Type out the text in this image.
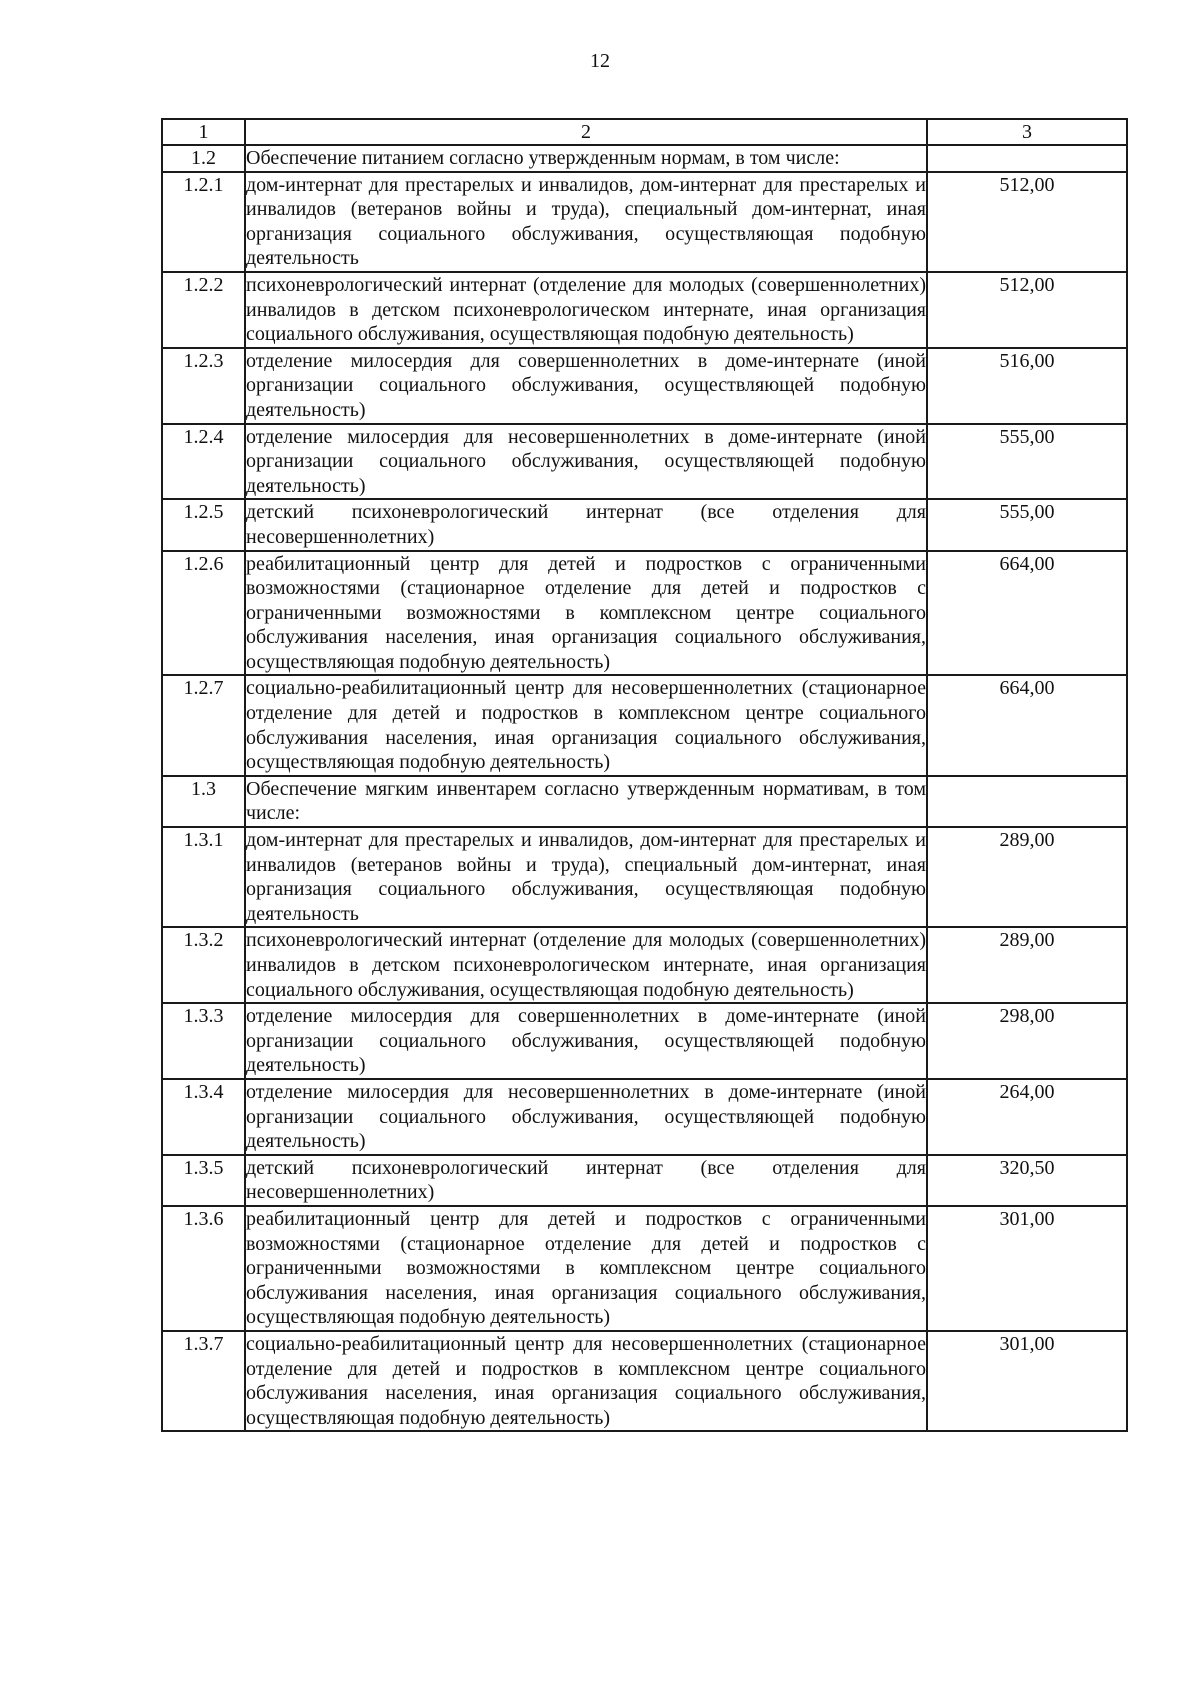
12
1	2	3
1.2	Обеспечение питанием согласно утвержденным нормам, в том числе:	
1.2.1	дом-интернат для престарелых и инвалидов, дом-интернат для престарелых и инвалидов (ветеранов войны и труда), специальный дом-интернат, иная организация социального обслуживания, осуществляющая подобную деятельность	512,00
1.2.2	психоневрологический интернат (отделение для молодых (совершеннолетних) инвалидов в детском психоневрологическом интернате, иная организация социального обслуживания, осуществляющая подобную деятельность)	512,00
1.2.3	отделение милосердия для совершеннолетних в доме-интернате (иной организации социального обслуживания, осуществляющей подобную деятельность)	516,00
1.2.4	отделение милосердия для несовершеннолетних в доме-интернате (иной организации социального обслуживания, осуществляющей подобную деятельность)	555,00
1.2.5	детский психоневрологический интернат (все отделения для несовершеннолетних)	555,00
1.2.6	реабилитационный центр для детей и подростков с ограниченными возможностями (стационарное отделение для детей и подростков с ограниченными возможностями в комплексном центре социального обслуживания населения, иная организация социального обслуживания, осуществляющая подобную деятельность)	664,00
1.2.7	социально-реабилитационный центр для несовершеннолетних (стационарное отделение для детей и подростков в комплексном центре социального обслуживания населения, иная организация социального обслуживания, осуществляющая подобную деятельность)	664,00
1.3	Обеспечение мягким инвентарем согласно утвержденным нормативам, в том числе:	
1.3.1	дом-интернат для престарелых и инвалидов, дом-интернат для престарелых и инвалидов (ветеранов войны и труда), специальный дом-интернат, иная организация социального обслуживания, осуществляющая подобную деятельность	289,00
1.3.2	психоневрологический интернат (отделение для молодых (совершеннолетних) инвалидов в детском психоневрологическом интернате, иная организация социального обслуживания, осуществляющая подобную деятельность)	289,00
1.3.3	отделение милосердия для совершеннолетних в доме-интернате (иной организации социального обслуживания, осуществляющей подобную деятельность)	298,00
1.3.4	отделение милосердия для несовершеннолетних в доме-интернате (иной организации социального обслуживания, осуществляющей подобную деятельность)	264,00
1.3.5	детский психоневрологический интернат (все отделения для несовершеннолетних)	320,50
1.3.6	реабилитационный центр для детей и подростков с ограниченными возможностями (стационарное отделение для детей и подростков с ограниченными возможностями в комплексном центре социального обслуживания населения, иная организация социального обслуживания, осуществляющая подобную деятельность)	301,00
1.3.7	социально-реабилитационный центр для несовершеннолетних (стационарное отделение для детей и подростков в комплексном центре социального обслуживания населения, иная организация социального обслуживания, осуществляющая подобную деятельность)	301,00
